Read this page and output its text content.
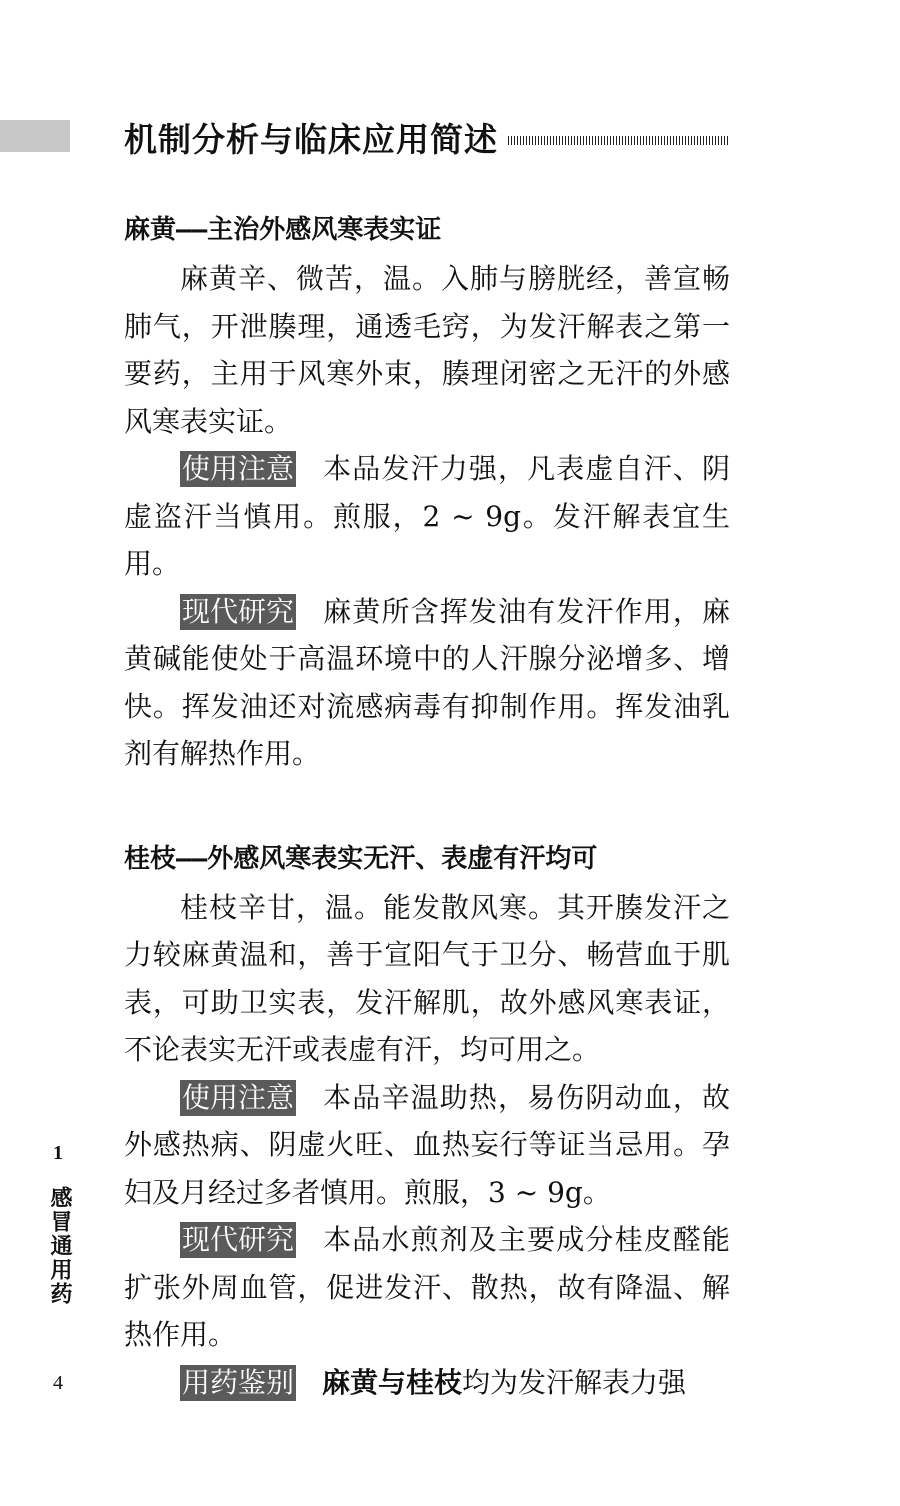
机制分析与临床应用简述
麻黄——主治外感风寒表实证

麻黄辛、微苦，温。入肺与膀胱经，善宣畅肺气，开泄腠理，通透毛窍，为发汗解表之第一要药，主用于风寒外束，腠理闭密之无汗的外感风寒表实证。

使用注意 本品发汗力强，凡表虚自汗、阴虚盗汗当慎用。煎服，2 ~ 9g。发汗解表宜生用。

现代研究 麻黄所含挥发油有发汗作用，麻黄碱能使处于高温环境中的人汗腺分泌增多、增快。挥发油还对流感病毒有抑制作用。挥发油乳剂有解热作用。

桂枝——外感风寒表实无汗、表虚有汗均可

桂枝辛甘，温。能发散风寒。其开腠发汗之力较麻黄温和，善于宣阳气于卫分、畅营血于肌表，可助卫实表，发汗解肌，故外感风寒表证，不论表实无汗或表虚有汗，均可用之。

使用注意 本品辛温助热，易伤阴动血，故外感热病、阴虚火旺、血热妄行等证当忌用。孕妇及月经过多者慎用。煎服，3 ~ 9g。

现代研究 本品水煎剂及主要成分桂皮醛能扩张外周血管，促进发汗、散热，故有降温、解热作用。

用药鉴别 麻黄与桂枝均为发汗解表力强

1
感冒通用药
4
